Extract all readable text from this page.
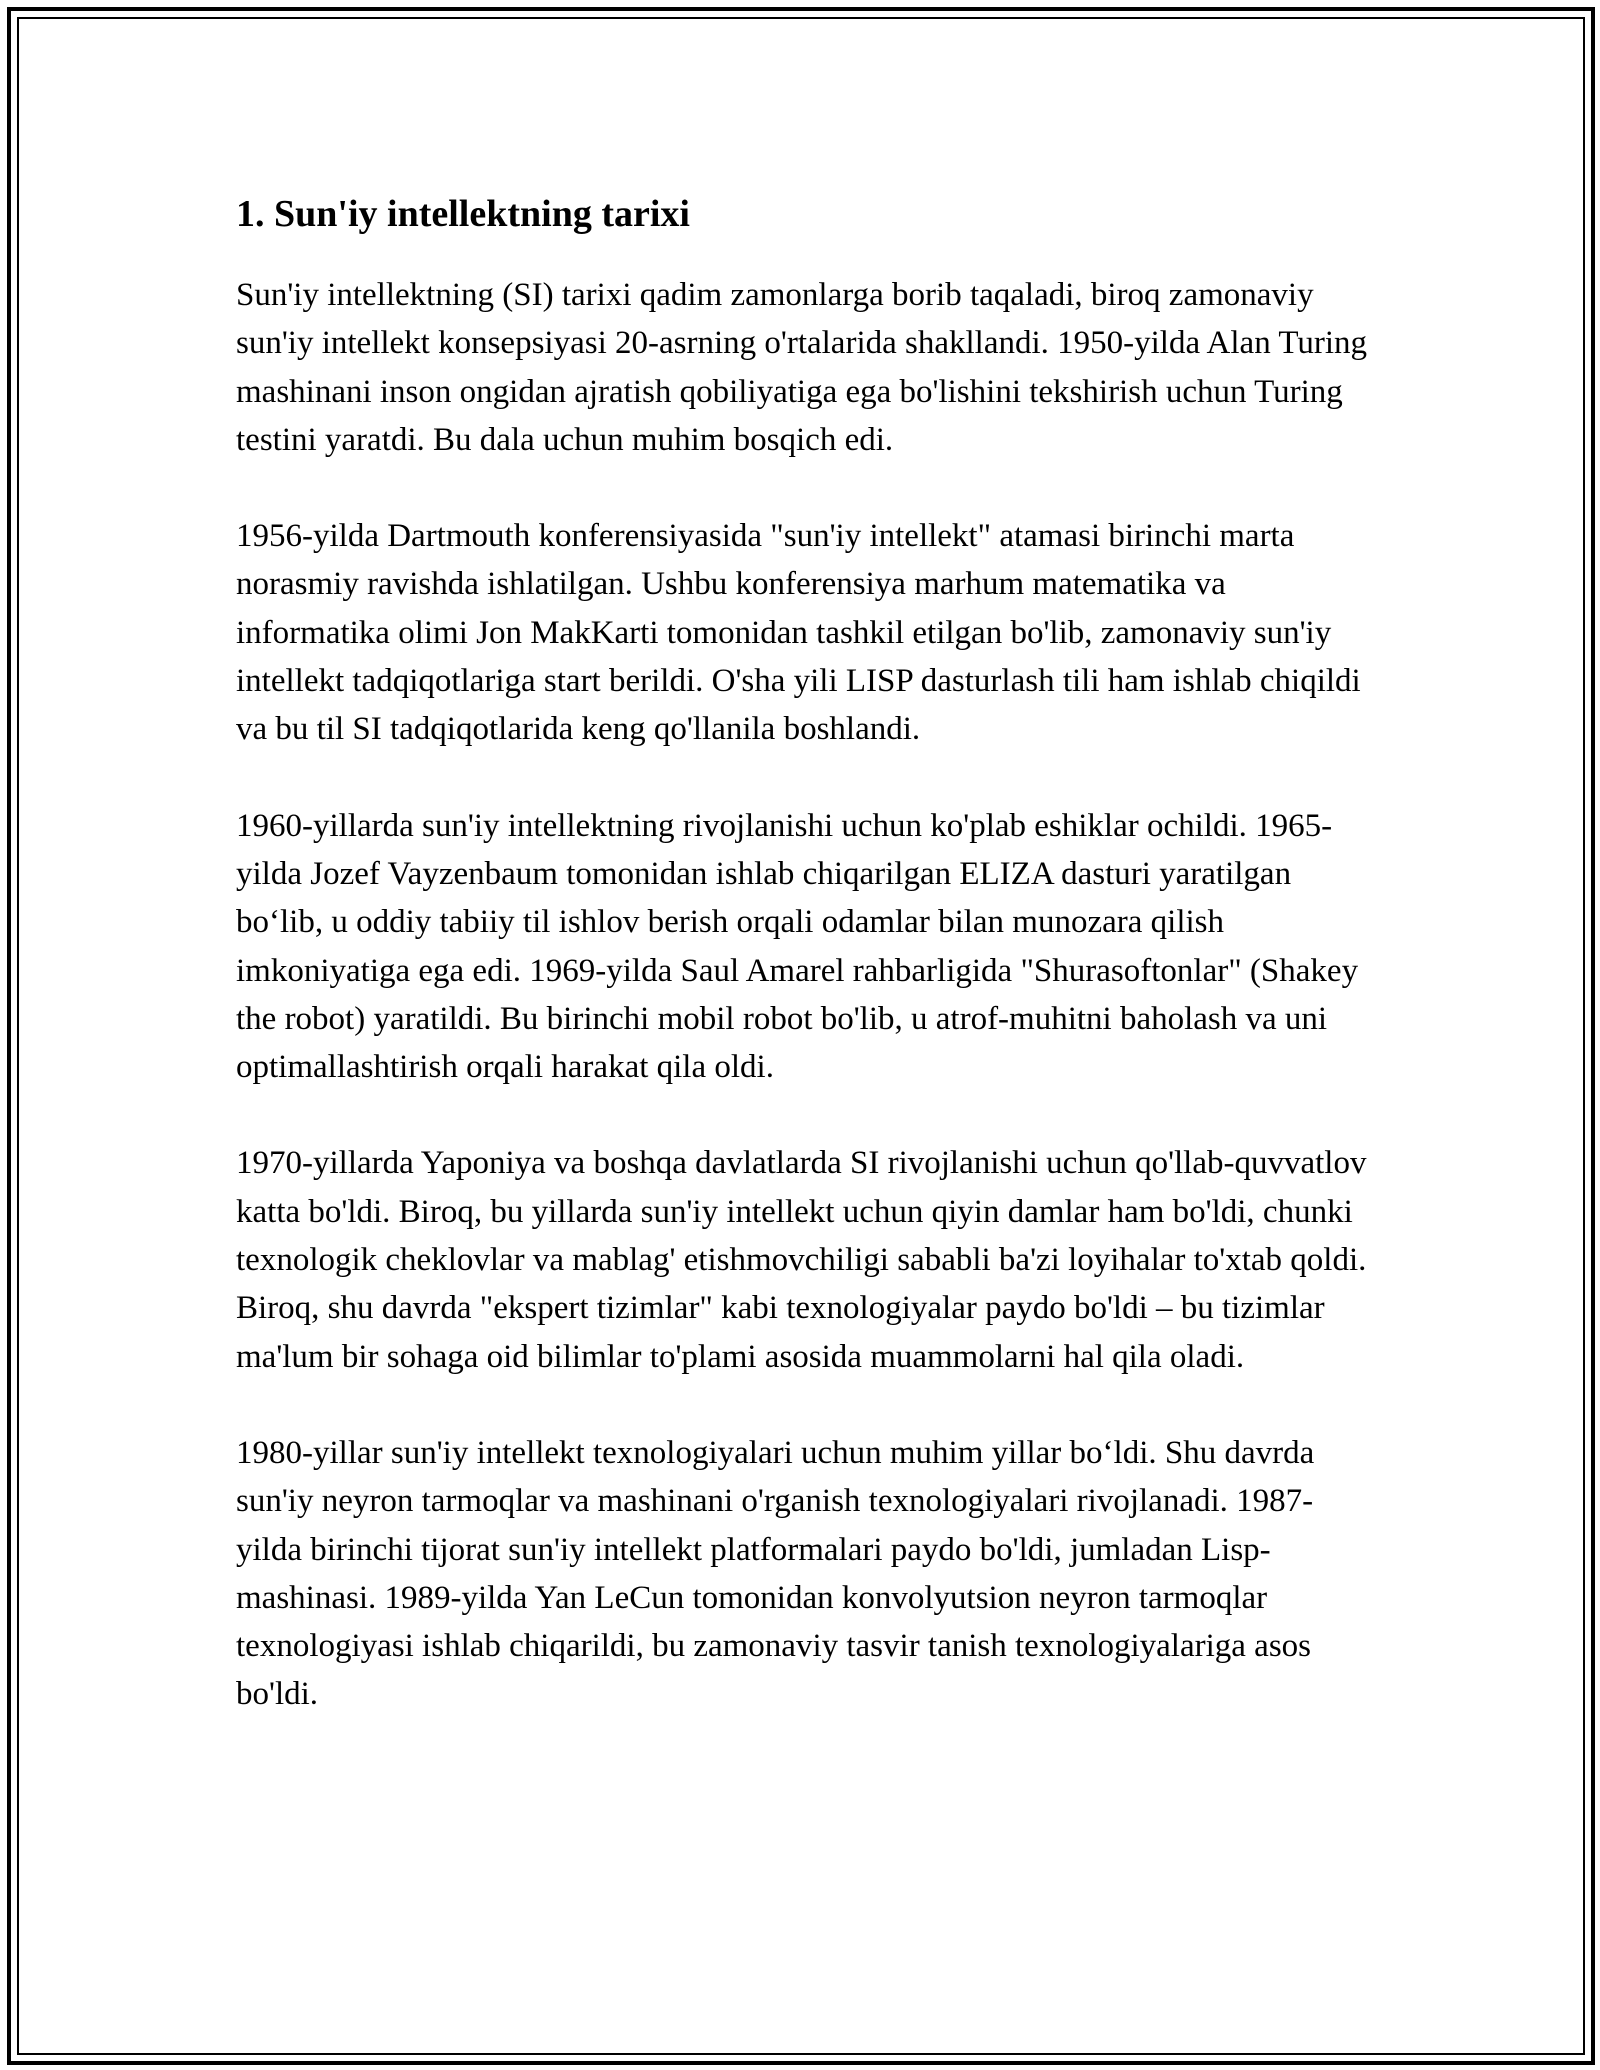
1. Sun'iy intellektning tarixi

Sun'iy intellektning (SI) tarixi qadim zamonlarga borib taqaladi, biroq zamonaviy sun'iy intellekt konsepsiyasi 20-asrning o'rtalarida shakllandi. 1950-yilda Alan Turing mashinani inson ongidan ajratish qobiliyatiga ega bo'lishini tekshirish uchun Turing testini yaratdi. Bu dala uchun muhim bosqich edi.

1956-yilda Dartmouth konferensiyasida "sun'iy intellekt" atamasi birinchi marta norasmiy ravishda ishlatilgan. Ushbu konferensiya marhum matematika va informatika olimi Jon MakKarti tomonidan tashkil etilgan bo'lib, zamonaviy sun'iy intellekt tadqiqotlariga start berildi. O'sha yili LISP dasturlash tili ham ishlab chiqildi va bu til SI tadqiqotlarida keng qo'llanila boshlandi.

1960-yillarda sun'iy intellektning rivojlanishi uchun ko'plab eshiklar ochildi. 1965-yilda Jozef Vayzenbaum tomonidan ishlab chiqarilgan ELIZA dasturi yaratilgan bo‘lib, u oddiy tabiiy til ishlov berish orqali odamlar bilan munozara qilish imkoniyatiga ega edi. 1969-yilda Saul Amarel rahbarligida "Shurasoftonlar" (Shakey the robot) yaratildi. Bu birinchi mobil robot bo'lib, u atrof-muhitni baholash va uni optimallashtirish orqali harakat qila oldi.

1970-yillarda Yaponiya va boshqa davlatlarda SI rivojlanishi uchun qo'llab-quvvatlov katta bo'ldi. Biroq, bu yillarda sun'iy intellekt uchun qiyin damlar ham bo'ldi, chunki texnologik cheklovlar va mablag' etishmovchiligi sababli ba'zi loyihalar to'xtab qoldi. Biroq, shu davrda "ekspert tizimlar" kabi texnologiyalar paydo bo'ldi – bu tizimlar ma'lum bir sohaga oid bilimlar to'plami asosida muammolarni hal qila oladi.

1980-yillar sun'iy intellekt texnologiyalari uchun muhim yillar bo‘ldi. Shu davrda sun'iy neyron tarmoqlar va mashinani o'rganish texnologiyalari rivojlanadi. 1987-yilda birinchi tijorat sun'iy intellekt platformalari paydo bo'ldi, jumladan Lisp-mashinasi. 1989-yilda Yan LeCun tomonidan konvolyutsion neyron tarmoqlar texnologiyasi ishlab chiqarildi, bu zamonaviy tasvir tanish texnologiyalariga asos bo'ldi.
